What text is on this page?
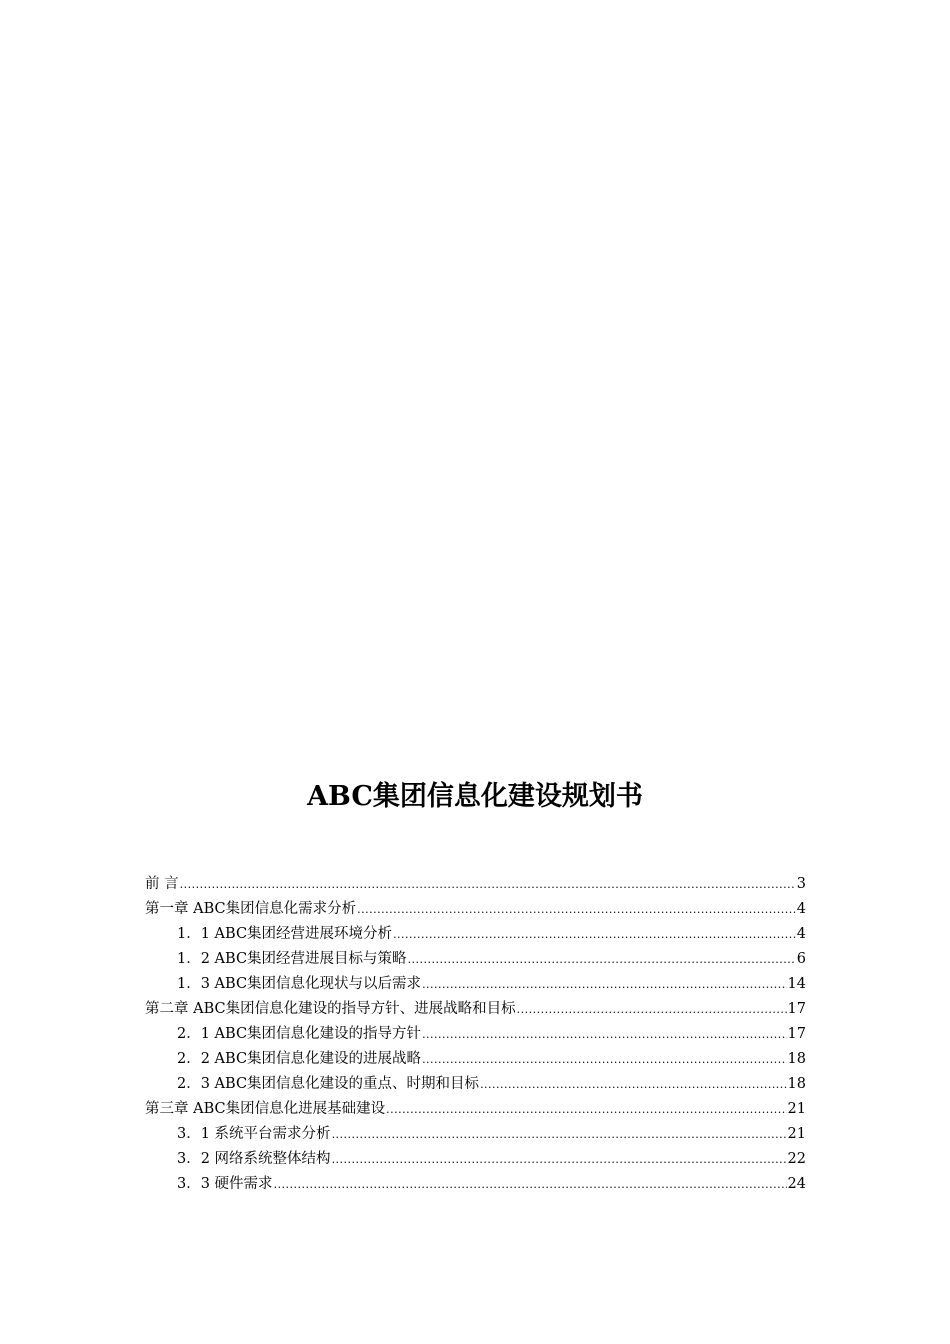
ABC集团信息化建设规划书
前 言 .....	3
第一章 ABC集团信息化需求分析 .....	4
1．1 ABC集团经营进展环境分析 .....	4
1．2 ABC集团经营进展目标与策略 .....	6
1．3 ABC集团信息化现状与以后需求 .....	14
第二章 ABC集团信息化建设的指导方针、进展战略和目标 .....	17
2．1 ABC集团信息化建设的指导方针 .....	17
2．2 ABC集团信息化建设的进展战略 .....	18
2．3 ABC集团信息化建设的重点、时期和目标 .....	18
第三章 ABC集团信息化进展基础建设 .....	21
3．1 系统平台需求分析 .....	21
3．2 网络系统整体结构 .....	22
3．3 硬件需求 .....	24
